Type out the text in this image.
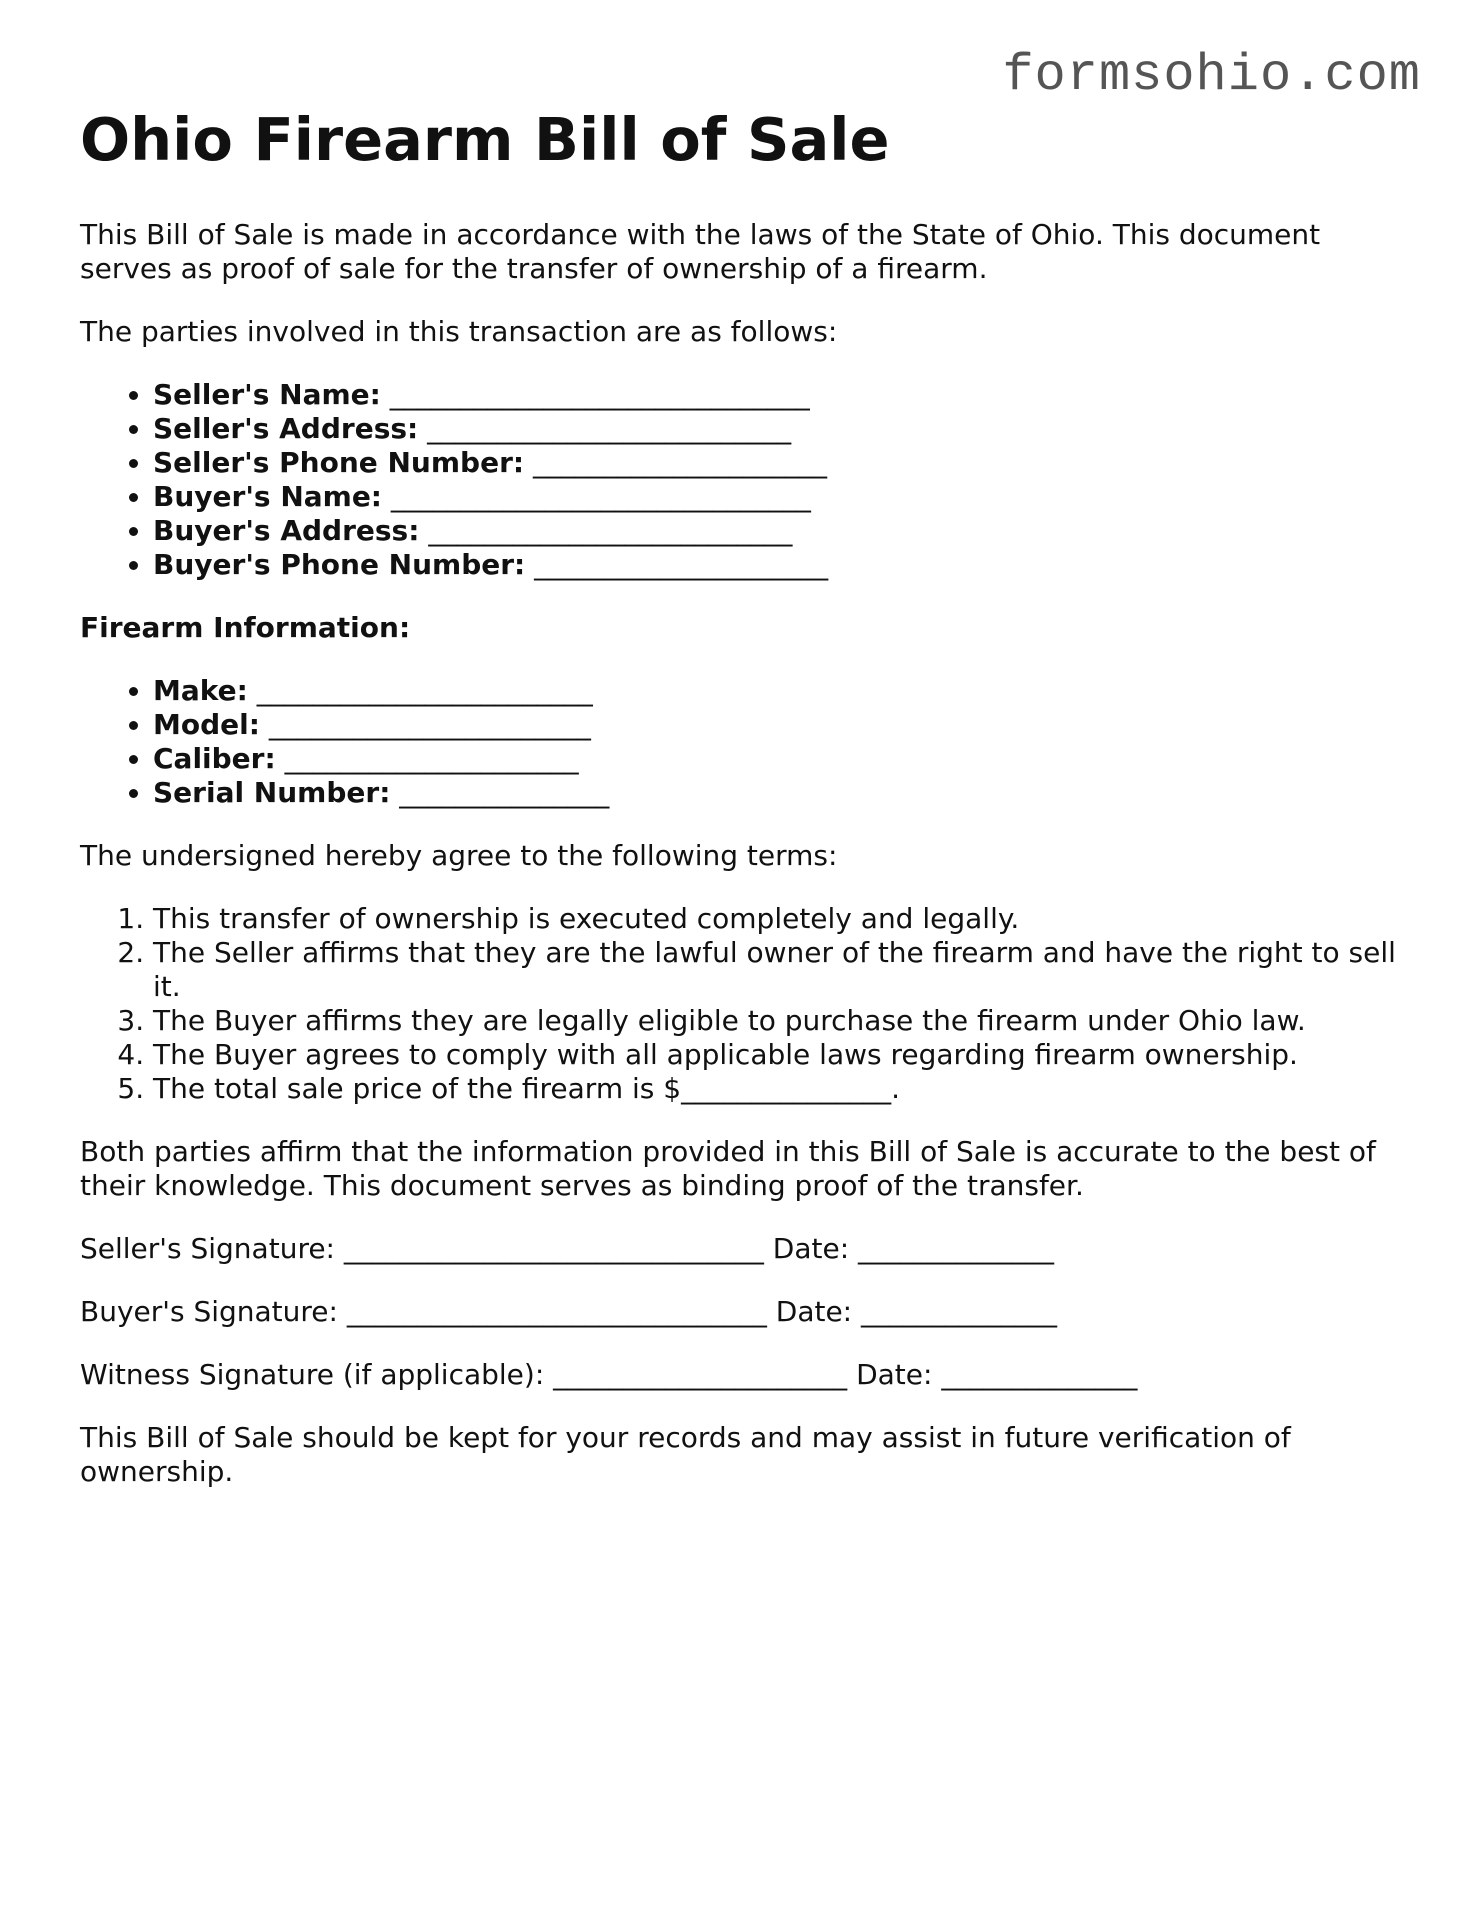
formsohio.com
Ohio Firearm Bill of Sale

This Bill of Sale is made in accordance with the laws of the State of Ohio. This document serves as proof of sale for the transfer of ownership of a firearm.

The parties involved in this transaction are as follows:

• Seller's Name: ______________________________
• Seller's Address: __________________________
• Seller's Phone Number: _____________________
• Buyer's Name: ______________________________
• Buyer's Address: __________________________
• Buyer's Phone Number: _____________________
Firearm Information:
• Make: ________________________
• Model: _______________________
• Caliber: _____________________
• Serial Number: _______________

The undersigned hereby agree to the following terms:

1. This transfer of ownership is executed completely and legally.
2. The Seller affirms that they are the lawful owner of the firearm and have the right to sell it.
3. The Buyer affirms they are legally eligible to purchase the firearm under Ohio law.
4. The Buyer agrees to comply with all applicable laws regarding firearm ownership.
5. The total sale price of the firearm is $_______________.

Both parties affirm that the information provided in this Bill of Sale is accurate to the best of their knowledge. This document serves as binding proof of the transfer.

Seller's Signature: ______________________________ Date: ______________

Buyer's Signature: ______________________________ Date: ______________

Witness Signature (if applicable): _____________________ Date: ______________

This Bill of Sale should be kept for your records and may assist in future verification of ownership.
